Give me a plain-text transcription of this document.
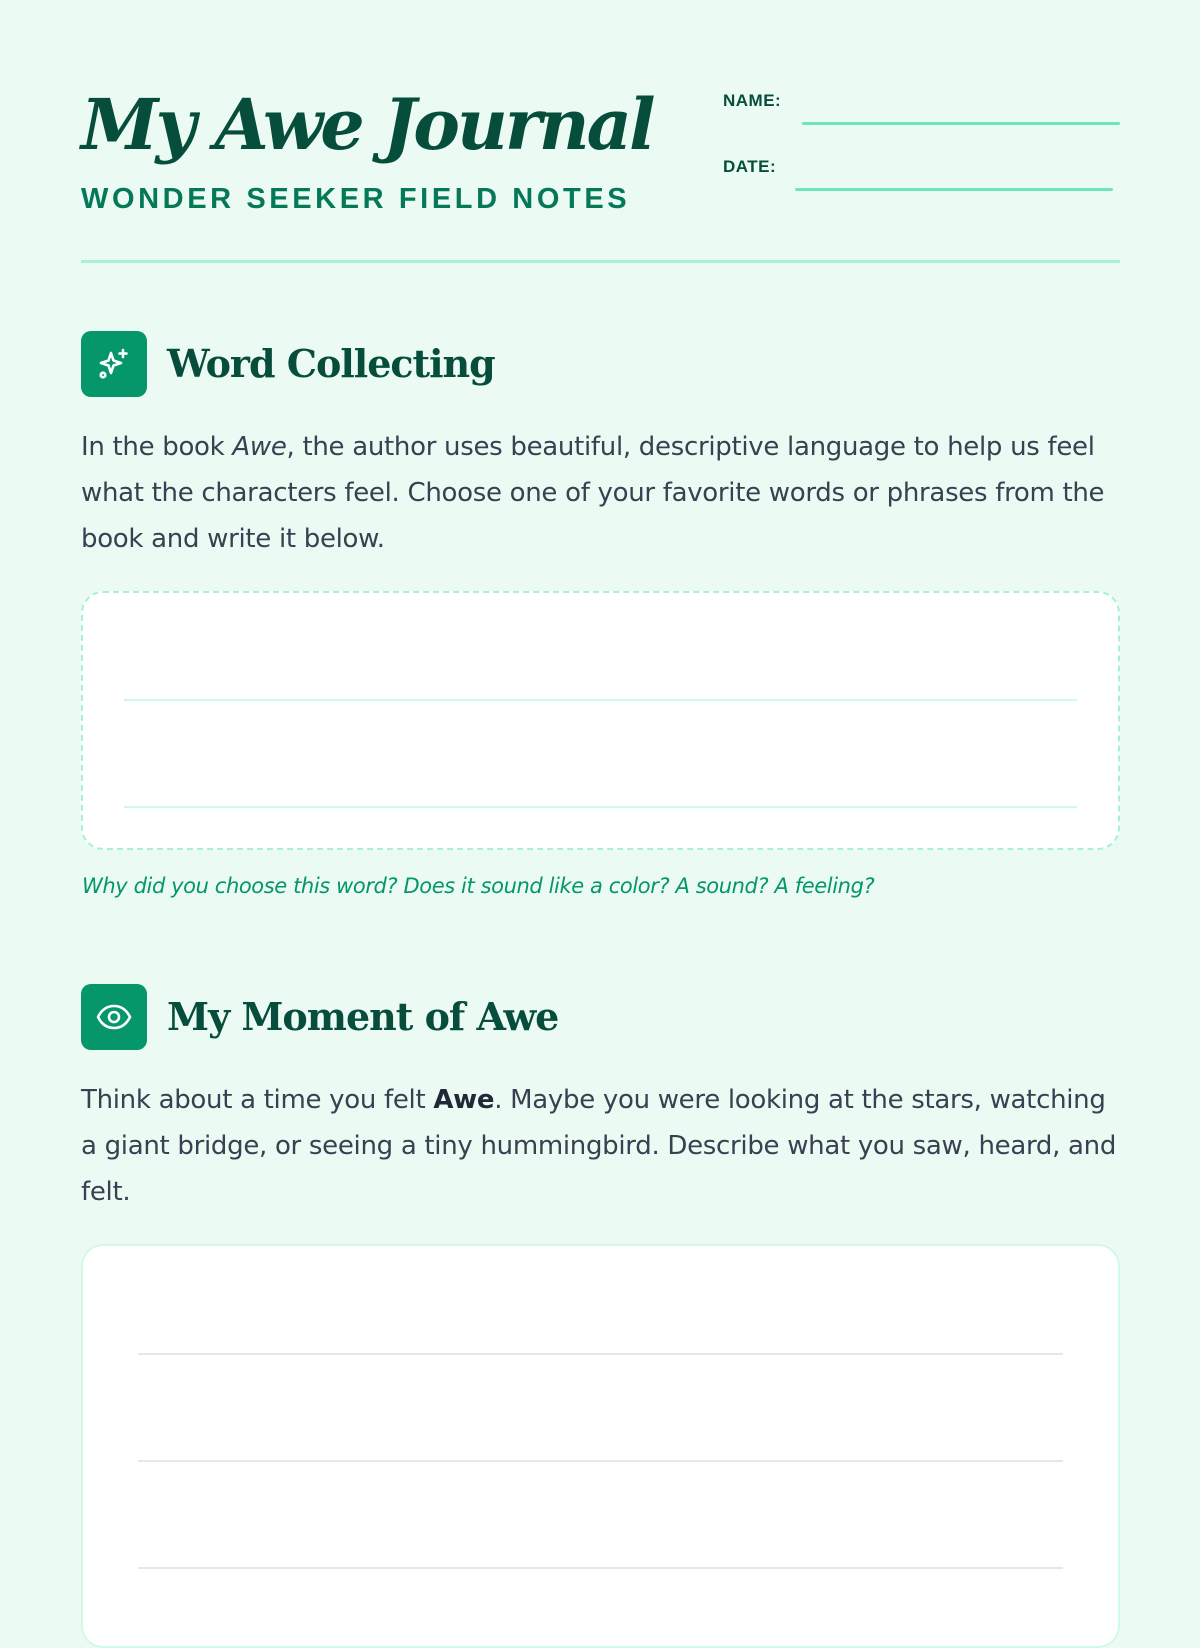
My Awe Journal
WONDER SEEKER FIELD NOTES
NAME:
DATE:
Word Collecting

In the book Awe, the author uses beautiful, descriptive language to help us feel what the characters feel. Choose one of your favorite words or phrases from the book and write it below.

Why did you choose this word? Does it sound like a color? A sound? A feeling?
My Moment of Awe

Think about a time you felt Awe. Maybe you were looking at the stars, watching a giant bridge, or seeing a tiny hummingbird. Describe what you saw, heard, and felt.
